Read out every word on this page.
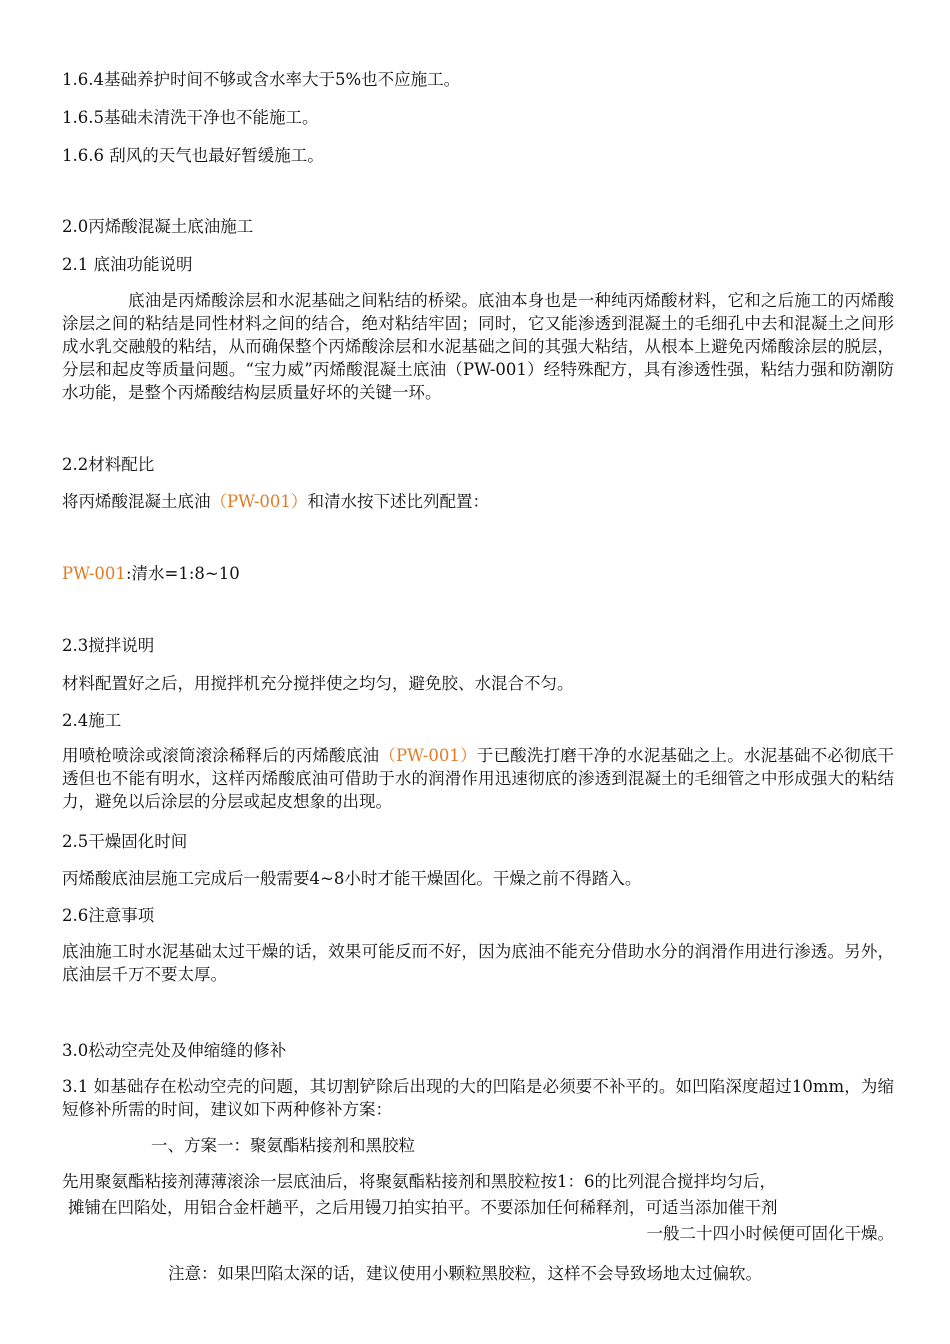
1.6.4基础养护时间不够或含水率大于5%也不应施工。
1.6.5基础未清洗干净也不能施工。
1.6.6 刮风的天气也最好暂缓施工。
2.0丙烯酸混凝土底油施工
2.1 底油功能说明
底油是丙烯酸涂层和水泥基础之间粘结的桥梁。底油本身也是一种纯丙烯酸材料，它和之后施工的丙烯酸涂层之间的粘结是同性材料之间的结合，绝对粘结牢固；同时，它又能渗透到混凝土的毛细孔中去和混凝土之间形成水乳交融般的粘结，从而确保整个丙烯酸涂层和水泥基础之间的其强大粘结，从根本上避免丙烯酸涂层的脱层，分层和起皮等质量问题。“宝力威”丙烯酸混凝土底油（PW-001）经特殊配方，具有渗透性强，粘结力强和防潮防水功能，是整个丙烯酸结构层质量好坏的关键一环。
2.2材料配比
将丙烯酸混凝土底油（PW-001）和清水按下述比列配置：
PW-001:清水=1:8~10
2.3搅拌说明
材料配置好之后，用搅拌机充分搅拌使之均匀，避免胶、水混合不匀。
2.4施工
用喷枪喷涂或滚筒滚涂稀释后的丙烯酸底油（PW-001）于已酸洗打磨干净的水泥基础之上。水泥基础不必彻底干透但也不能有明水，这样丙烯酸底油可借助于水的润滑作用迅速彻底的渗透到混凝土的毛细管之中形成强大的粘结力，避免以后涂层的分层或起皮想象的出现。
2.5干燥固化时间
丙烯酸底油层施工完成后一般需要4~8小时才能干燥固化。干燥之前不得踏入。
2.6注意事项
底油施工时水泥基础太过干燥的话，效果可能反而不好，因为底油不能充分借助水分的润滑作用进行渗透。另外，底油层千万不要太厚。
3.0松动空壳处及伸缩缝的修补
3.1 如基础存在松动空壳的问题，其切割铲除后出现的大的凹陷是必须要不补平的。如凹陷深度超过10mm，为缩短修补所需的时间，建议如下两种修补方案：
一、方案一：聚氨酯粘接剂和黑胶粒
先用聚氨酯粘接剂薄薄滚涂一层底油后，将聚氨酯粘接剂和黑胶粒按1：6的比列混合搅拌均匀后，
摊铺在凹陷处，用铝合金杆趟平，之后用镘刀拍实拍平。不要添加任何稀释剂，可适当添加催干剂
一般二十四小时候便可固化干燥。
注意：如果凹陷太深的话，建议使用小颗粒黑胶粒，这样不会导致场地太过偏软。
